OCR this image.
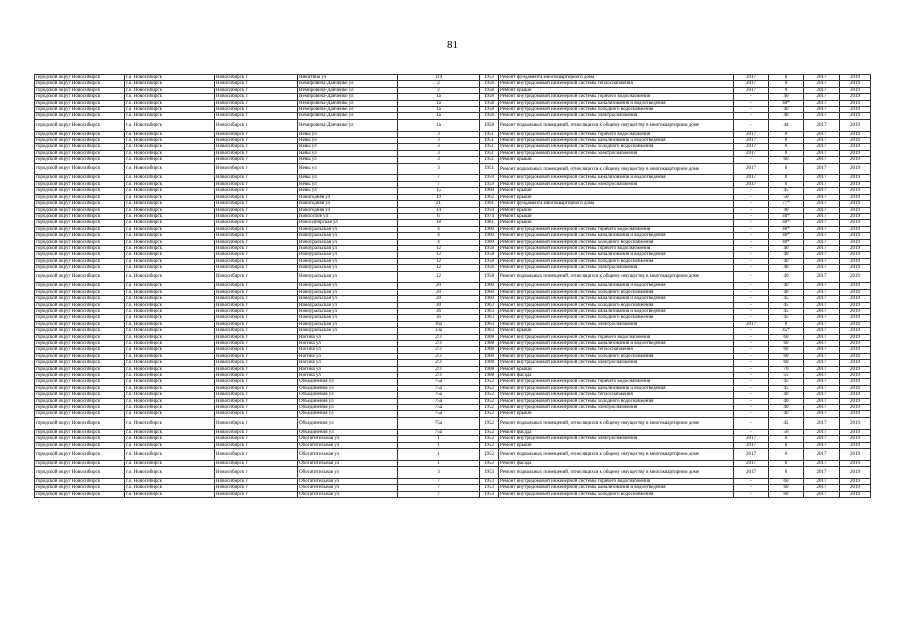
81
городской округ Новосибирск	г.о. Новосибирск	Новосибирск г	Никитина ул	114	1953	Ремонт фундамента многоквартирного дома	2017	0	2017	2019
городской округ Новосибирск	г.о. Новосибирск	Новосибирск г	Немировича-Данченко ул	2	1958	Ремонт внутридомовой инженерной системы теплоснабжения	2017	0	2017	2019
городской округ Новосибирск	г.о. Новосибирск	Новосибирск г	Немировича-Данченко ул	2	1958	Ремонт крыши	2017	0	2017	2019
городской округ Новосибирск	г.о. Новосибирск	Новосибирск г	Немировича-Данченко ул	1а	1958	Ремонт внутридомовой инженерной системы горячего водоснабжения	-	40	2017	2019
городской округ Новосибирск	г.о. Новосибирск	Новосибирск г	Немировича-Данченко ул	1а	1958	Ремонт внутридомовой инженерной системы канализования и водоотведения	-	40*	2017	2019
городской округ Новосибирск	г.о. Новосибирск	Новосибирск г	Немировича-Данченко ул	1а	1958	Ремонт внутридомовой инженерной системы холодного водоснабжения	-	40	2017	2019
городской округ Новосибирск	г.о. Новосибирск	Новосибирск г	Немировича-Данченко ул	1а	1958	Ремонт внутридомовой инженерной системы электроснабжения	-	40	2017	2019
городской округ Новосибирск	г.о. Новосибирск	Новосибирск г	Немировича-Данченко ул	1а	1958	Ремонт подвальных помещений, относящихся к общему имуществу в многоквартирном доме	-	44	2017	2019
городской округ Новосибирск	г.о. Новосибирск	Новосибирск г	Невы ул	3	1951	Ремонт внутридомовой инженерной системы горячего водоснабжения	2017	0	2017	2019
городской округ Новосибирск	г.о. Новосибирск	Новосибирск г	Невы ул	3	1951	Ремонт внутридомовой инженерной системы канализования и водоотведения	2017	0	2017	2019
городской округ Новосибирск	г.о. Новосибирск	Новосибирск г	Невы ул	3	1951	Ремонт внутридомовой инженерной системы холодного водоснабжения	2017	0	2017	2019
городской округ Новосибирск	г.о. Новосибирск	Новосибирск г	Невы ул	3	1951	Ремонт внутридомовой инженерной системы электроснабжения	2017	0	2017	2019
городской округ Новосибирск	г.о. Новосибирск	Новосибирск г	Невы ул	3	1951	Ремонт крыши	-	60	2017	2019
городской округ Новосибирск	г.о. Новосибирск	Новосибирск г	Невы ул	3	1951	Ремонт подвальных помещений, относящихся к общему имуществу в многоквартирном доме	2017	0	2017	2019
городской округ Новосибирск	г.о. Новосибирск	Новосибирск г	Невы ул	7	1959	Ремонт внутридомовой инженерной системы канализования и водоотведения	2017	0	2017	2019
городской округ Новосибирск	г.о. Новосибирск	Новосибирск г	Невы ул	7	1959	Ремонт внутридомовой инженерной системы электроснабжения	2017	0	2017	2019
городской округ Новосибирск	г.о. Новосибирск	Новосибирск г	Невы ул	15	1960	Ремонт крыши	-	45	2017	2019
городской округ Новосибирск	г.о. Новосибирск	Новосибирск г	Новогодняя ул	19	1962	Ремонт крыши	-	50	2017	2019
городской округ Новосибирск	г.о. Новосибирск	Новосибирск г	Новогодняя ул	21	1961	Ремонт фундамента многоквартирного дома	-	77*	2017	2019
городской округ Новосибирск	г.о. Новосибирск	Новосибирск г	Новогодняя ул	14	1959	Ремонт крыши	-	40	2017	2019
городской округ Новосибирск	г.о. Новосибирск	Новосибирск г	Новоселов ул	6	1974	Ремонт крыши	-	40*	2017	2019
городской округ Новосибирск	г.о. Новосибирск	Новосибирск г	Новосибирская ул	18	1981	Ремонт крыши	-	40*	2017	2019
городской округ Новосибирск	г.о. Новосибирск	Новосибирск г	Новоуральская ул	4	1960	Ремонт внутридомовой инженерной системы горячего водоснабжения	-	40*	2017	2019
городской округ Новосибирск	г.о. Новосибирск	Новосибирск г	Новоуральская ул	4	1960	Ремонт внутридомовой инженерной системы канализования и водоотведения	-	40*	2017	2019
городской округ Новосибирск	г.о. Новосибирск	Новосибирск г	Новоуральская ул	4	1960	Ремонт внутридомовой инженерной системы холодного водоснабжения	-	40*	2017	2019
городской округ Новосибирск	г.о. Новосибирск	Новосибирск г	Новоуральская ул	12	1958	Ремонт внутридомовой инженерной системы горячего водоснабжения	-	40	2017	2019
городской округ Новосибирск	г.о. Новосибирск	Новосибирск г	Новоуральская ул	12	1958	Ремонт внутридомовой инженерной системы канализования и водоотведения	-	40	2017	2019
городской округ Новосибирск	г.о. Новосибирск	Новосибирск г	Новоуральская ул	12	1958	Ремонт внутридомовой инженерной системы холодного водоснабжения	-	40	2017	2019
городской округ Новосибирск	г.о. Новосибирск	Новосибирск г	Новоуральская ул	12	1958	Ремонт внутридомовой инженерной системы электроснабжения	-	40	2017	2019
городской округ Новосибирск	г.о. Новосибирск	Новосибирск г	Новоуральская ул	12	1958	Ремонт подвальных помещений, относящихся к общему имуществу в многоквартирном доме	-	40	2017	2019
городской округ Новосибирск	г.о. Новосибирск	Новосибирск г	Новоуральская ул	20	1960	Ремонт внутридомовой инженерной системы канализования и водоотведения	-	40	2017	2019
городской округ Новосибирск	г.о. Новосибирск	Новосибирск г	Новоуральская ул	20	1960	Ремонт внутридомовой инженерной системы холодного водоснабжения	-	40	2017	2019
городской округ Новосибирск	г.о. Новосибирск	Новосибирск г	Новоуральская ул	20	1960	Ремонт внутридомовой инженерной системы канализования и водоотведения	-	45	2017	2019
городской округ Новосибирск	г.о. Новосибирск	Новосибирск г	Новоуральская ул	30	1963	Ремонт внутридомовой инженерной системы холодного водоснабжения	-	45	2017	2019
городской округ Новосибирск	г.о. Новосибирск	Новосибирск г	Новоуральская ул	36	1963	Ремонт внутридомовой инженерной системы канализования и водоотведения	-	45	2017	2019
городской округ Новосибирск	г.о. Новосибирск	Новосибирск г	Новоуральская ул	36	1963	Ремонт внутридомовой инженерной системы холодного водоснабжения	-	45	2017	2019
городской округ Новосибирск	г.о. Новосибирск	Новосибирск г	Новоуральская ул	36а	1963	Ремонт внутридомовой инженерной системы электроснабжения	2017	0	2017	2019
городской округ Новосибирск	г.о. Новосибирск	Новосибирск г	Новоуральская ул	33а	1963	Ремонт крыши	-	45*	2017	2019
городской округ Новосибирск	г.о. Новосибирск	Новосибирск г	Ногина ул	2/3	1908	Ремонт внутридомовой инженерной системы горячего водоснабжения	-	60	2017	2019
городской округ Новосибирск	г.о. Новосибирск	Новосибирск г	Ногина ул	2/3	1908	Ремонт внутридомовой инженерной системы канализования и водоотведения	-	60	2017	2019
городской округ Новосибирск	г.о. Новосибирск	Новосибирск г	Ногина ул	2/3	1908	Ремонт внутридомовой инженерной системы теплоснабжения	-	60	2017	2019
городской округ Новосибирск	г.о. Новосибирск	Новосибирск г	Ногина ул	2/3	1908	Ремонт внутридомовой инженерной системы холодного водоснабжения	-	60	2017	2019
городской округ Новосибирск	г.о. Новосибирск	Новосибирск г	Ногина ул	2/3	1908	Ремонт внутридомовой инженерной системы электроснабжения	-	60	2017	2019
городской округ Новосибирск	г.о. Новосибирск	Новосибирск г	Ногина ул	2/3	1908	Ремонт крыши	-	70	2017	2019
городской округ Новосибирск	г.о. Новосибирск	Новосибирск г	Ногина ул	2/3	1908	Ремонт фасада	-	55	2017	2019
городской округ Новосибирск	г.о. Новосибирск	Новосибирск г	Объединения ул	75а	1952	Ремонт внутридомовой инженерной системы горячего водоснабжения	-	45	2017	2019
городской округ Новосибирск	г.о. Новосибирск	Новосибирск г	Объединения ул	75а	1952	Ремонт внутридомовой инженерной системы канализования и водоотведения	-	45	2017	2019
городской округ Новосибирск	г.о. Новосибирск	Новосибирск г	Объединения ул	75а	1952	Ремонт внутридомовой инженерной системы теплоснабжения	-	40	2017	2019
городской округ Новосибирск	г.о. Новосибирск	Новосибирск г	Объединения ул	75а	1952	Ремонт внутридомовой инженерной системы холодного водоснабжения	-	40	2017	2019
городской округ Новосибирск	г.о. Новосибирск	Новосибирск г	Объединения ул	75а	1952	Ремонт внутридомовой инженерной системы электроснабжения	-	40	2017	2019
городской округ Новосибирск	г.о. Новосибирск	Новосибирск г	Объединения ул	75а	1952	Ремонт крыши	-	40	2017	2019
городской округ Новосибирск	г.о. Новосибирск	Новосибирск г	Объединения ул	75а	1952	Ремонт подвальных помещений, относящихся к общему имуществу в многоквартирном доме	-	45	2017	2019
городской округ Новосибирск	г.о. Новосибирск	Новосибирск г	Объединения ул	75а	1952	Ремонт фасада	-	56	2017	2019
городской округ Новосибирск	г.о. Новосибирск	Новосибирск г	Обогатительная ул	1	1952	Ремонт внутридомовой инженерной системы электроснабжения	2017	0	2017	2019
городской округ Новосибирск	г.о. Новосибирск	Новосибирск г	Обогатительная ул	1	1952	Ремонт крыши	2017	0	2017	2019
городской округ Новосибирск	г.о. Новосибирск	Новосибирск г	Обогатительная ул	1	1952	Ремонт подвальных помещений, относящихся к общему имуществу в многоквартирном доме	2017	0	2017	2019
городской округ Новосибирск	г.о. Новосибирск	Новосибирск г	Обогатительная ул	1	1952	Ремонт фасада	2017	0	2017	2019
городской округ Новосибирск	г.о. Новосибирск	Новосибирск г	Обогатительная ул	3	1953	Ремонт подвальных помещений, относящихся к общему имуществу в многоквартирном доме	2017	0	2017	2019
городской округ Новосибирск	г.о. Новосибирск	Новосибирск г	Обогатительная ул	7	1953	Ремонт внутридомовой инженерной системы горячего водоснабжения	-	60	2017	2019
городской округ Новосибирск	г.о. Новосибирск	Новосибирск г	Обогатительная ул	7	1953	Ремонт внутридомовой инженерной системы канализования и водоотведения	-	60	2017	2019
городской округ Новосибирск	г.о. Новосибирск	Новосибирск г	Обогатительная ул	7	1953	Ремонт внутридомовой инженерной системы холодного водоснабжения	-	60	2017	2019
